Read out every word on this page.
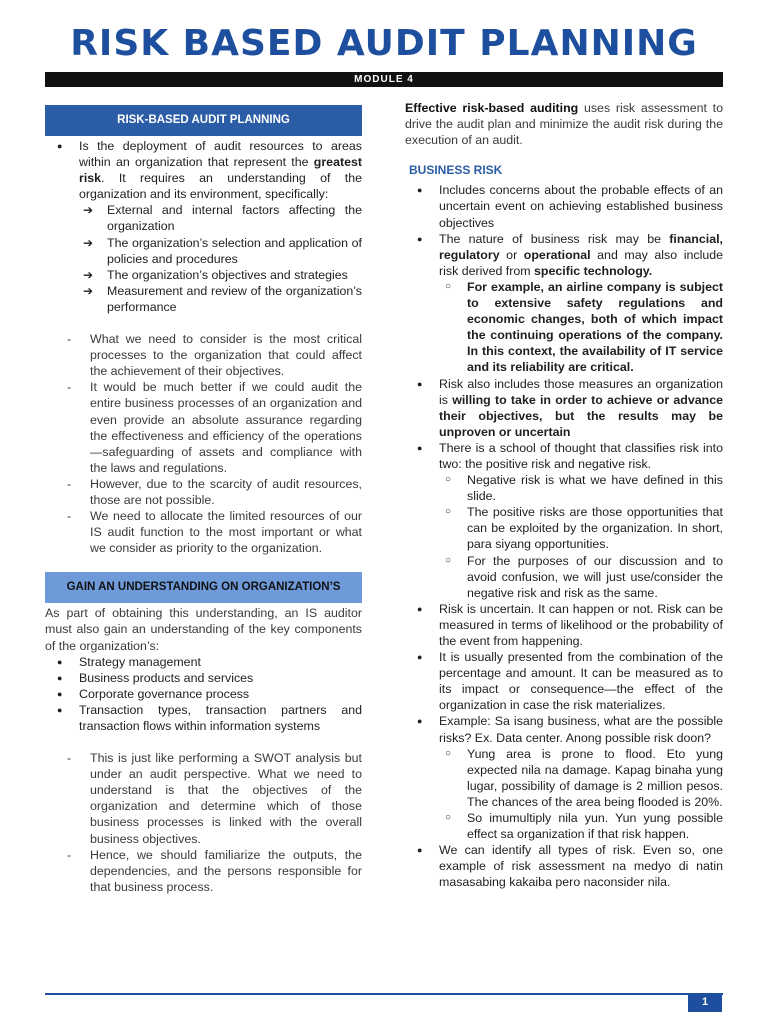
RISK BASED AUDIT PLANNING
MODULE 4
RISK-BASED AUDIT PLANNING
● Is the deployment of audit resources to areas within an organization that represent the greatest risk. It requires an understanding of the organization and its environment, specifically:
➔ External and internal factors affecting the organization
➔ The organization’s selection and application of policies and procedures
➔ The organization’s objectives and strategies
➔ Measurement and review of the organization’s performance
- What we need to consider is the most critical processes to the organization that could affect the achievement of their objectives.
- It would be much better if we could audit the entire business processes of an organization and even provide an absolute assurance regarding the effectiveness and efficiency of the operations—safeguarding of assets and compliance with the laws and regulations.
- However, due to the scarcity of audit resources, those are not possible.
- We need to allocate the limited resources of our IS audit function to the most important or what we consider as priority to the organization.
GAIN AN UNDERSTANDING ON ORGANIZATION’S

As part of obtaining this understanding, an IS auditor must also gain an understanding of the key components of the organization’s:

● Strategy management
● Business products and services
● Corporate governance process
● Transaction types, transaction partners and transaction flows within information systems
- This is just like performing a SWOT analysis but under an audit perspective. What we need to understand is that the objectives of the organization and determine which of those business processes is linked with the overall business objectives.
- Hence, we should familiarize the outputs, the dependencies, and the persons responsible for that business process.

Effective risk-based auditing uses risk assessment to drive the audit plan and minimize the audit risk during the execution of an audit.

BUSINESS RISK
● Includes concerns about the probable effects of an uncertain event on achieving established business objectives
● The nature of business risk may be financial, regulatory or operational and may also include risk derived from specific technology.
○ For example, an airline company is subject to extensive safety regulations and economic changes, both of which impact the continuing operations of the company. In this context, the availability of IT service and its reliability are critical.
● Risk also includes those measures an organization is willing to take in order to achieve or advance their objectives, but the results may be unproven or uncertain
● There is a school of thought that classifies risk into two: the positive risk and negative risk.
○ Negative risk is what we have defined in this slide.
○ The positive risks are those opportunities that can be exploited by the organization. In short, para siyang opportunities.
○ For the purposes of our discussion and to avoid confusion, we will just use/consider the negative risk and risk as the same.
● Risk is uncertain. It can happen or not. Risk can be measured in terms of likelihood or the probability of the event from happening.
● It is usually presented from the combination of the percentage and amount. It can be measured as to its impact or consequence—the effect of the organization in case the risk materializes.
● Example: Sa isang business, what are the possible risks? Ex. Data center. Anong possible risk doon?
○ Yung area is prone to flood. Eto yung expected nila na damage. Kapag binaha yung lugar, possibility of damage is 2 million pesos. The chances of the area being flooded is 20%.
○ So imumultiply nila yun. Yun yung possible effect sa organization if that risk happen.
● We can identify all types of risk. Even so, one example of risk assessment na medyo di natin masasabing kakaiba pero naconsider nila.
1
